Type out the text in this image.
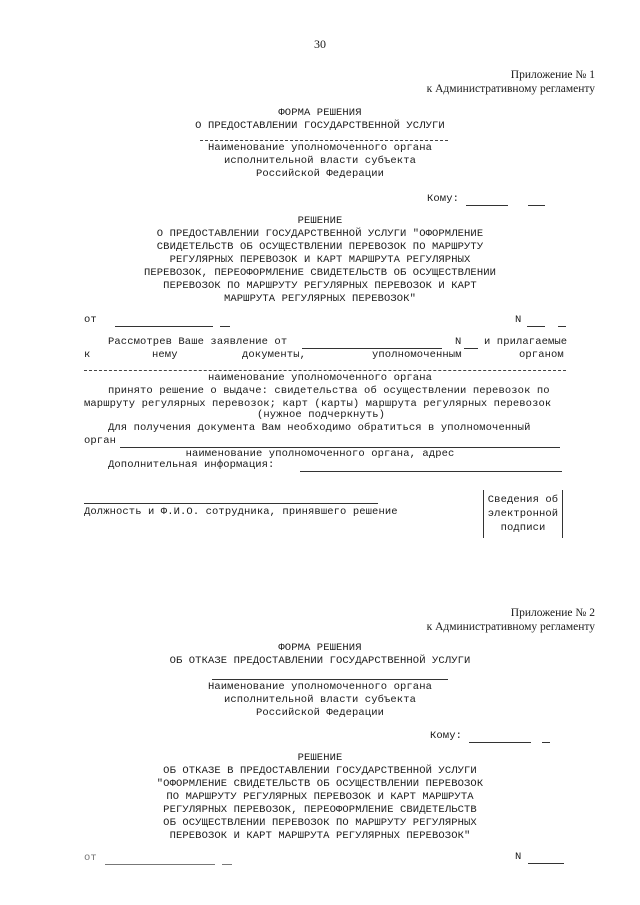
30
Приложение № 1
к Административному регламенту
ФОРМА РЕШЕНИЯ
О ПРЕДОСТАВЛЕНИИ ГОСУДАРСТВЕННОЙ УСЛУГИ
Наименование уполномоченного органа
исполнительной власти субъекта
Российской Федерации
Кому:
РЕШЕНИЕ
О ПРЕДОСТАВЛЕНИИ ГОСУДАРСТВЕННОЙ УСЛУГИ "ОФОРМЛЕНИЕ
СВИДЕТЕЛЬСТВ ОБ ОСУЩЕСТВЛЕНИИ ПЕРЕВОЗОК ПО МАРШРУТУ
РЕГУЛЯРНЫХ ПЕРЕВОЗОК И КАРТ МАРШРУТА РЕГУЛЯРНЫХ
ПЕРЕВОЗОК, ПЕРЕОФОРМЛЕНИЕ СВИДЕТЕЛЬСТВ ОБ ОСУЩЕСТВЛЕНИИ
ПЕРЕВОЗОК ПО МАРШРУТУ РЕГУЛЯРНЫХ ПЕРЕВОЗОК И КАРТ
МАРШРУТА РЕГУЛЯРНЫХ ПЕРЕВОЗОК"
от	N
Рассмотрев Ваше заявление от	N и прилагаемые
к	нему	документы,	уполномоченным	органом
наименование уполномоченного органа
принято решение о выдаче: свидетельства об осуществлении перевозок по
маршруту регулярных перевозок; карт (карты) маршрута регулярных перевозок
(нужное подчеркнуть)
Для получения документа Вам необходимо обратиться в уполномоченный
орган
наименование уполномоченного органа, адрес
Дополнительная информация:
Должность и Ф.И.О. сотрудника, принявшего решение
Сведения об
электронной
подписи
Приложение № 2
к Административному регламенту
ФОРМА РЕШЕНИЯ
ОБ ОТКАЗЕ ПРЕДОСТАВЛЕНИИ ГОСУДАРСТВЕННОЙ УСЛУГИ
Наименование уполномоченного органа
исполнительной власти субъекта
Российской Федерации
Кому:
РЕШЕНИЕ
ОБ ОТКАЗЕ В ПРЕДОСТАВЛЕНИИ ГОСУДАРСТВЕННОЙ УСЛУГИ
"ОФОРМЛЕНИЕ СВИДЕТЕЛЬСТВ ОБ ОСУЩЕСТВЛЕНИИ ПЕРЕВОЗОК
ПО МАРШРУТУ РЕГУЛЯРНЫХ ПЕРЕВОЗОК И КАРТ МАРШРУТА
РЕГУЛЯРНЫХ ПЕРЕВОЗОК, ПЕРЕОФОРМЛЕНИЕ СВИДЕТЕЛЬСТВ
ОБ ОСУЩЕСТВЛЕНИИ ПЕРЕВОЗОК ПО МАРШРУТУ РЕГУЛЯРНЫХ
ПЕРЕВОЗОК И КАРТ МАРШРУТА РЕГУЛЯРНЫХ ПЕРЕВОЗОК"
от	N
